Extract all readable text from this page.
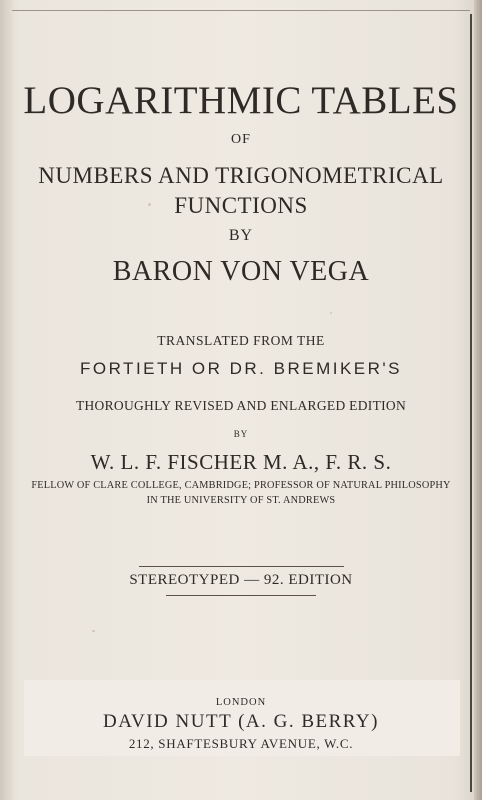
LOGARITHMIC TABLES
OF
NUMBERS AND TRIGONOMETRICAL
FUNCTIONS
BY
BARON VON VEGA
TRANSLATED FROM THE
FORTIETH OR DR. BREMIKER'S
THOROUGHLY REVISED AND ENLARGED EDITION
BY
W. L. F. FISCHER M. A., F. R. S.
FELLOW OF CLARE COLLEGE, CAMBRIDGE; PROFESSOR OF NATURAL PHILOSOPHY
IN THE UNIVERSITY OF ST. ANDREWS
STEREOTYPED — 92. EDITION
LONDON
DAVID NUTT (A. G. BERRY)
212, SHAFTESBURY AVENUE, W.C.
